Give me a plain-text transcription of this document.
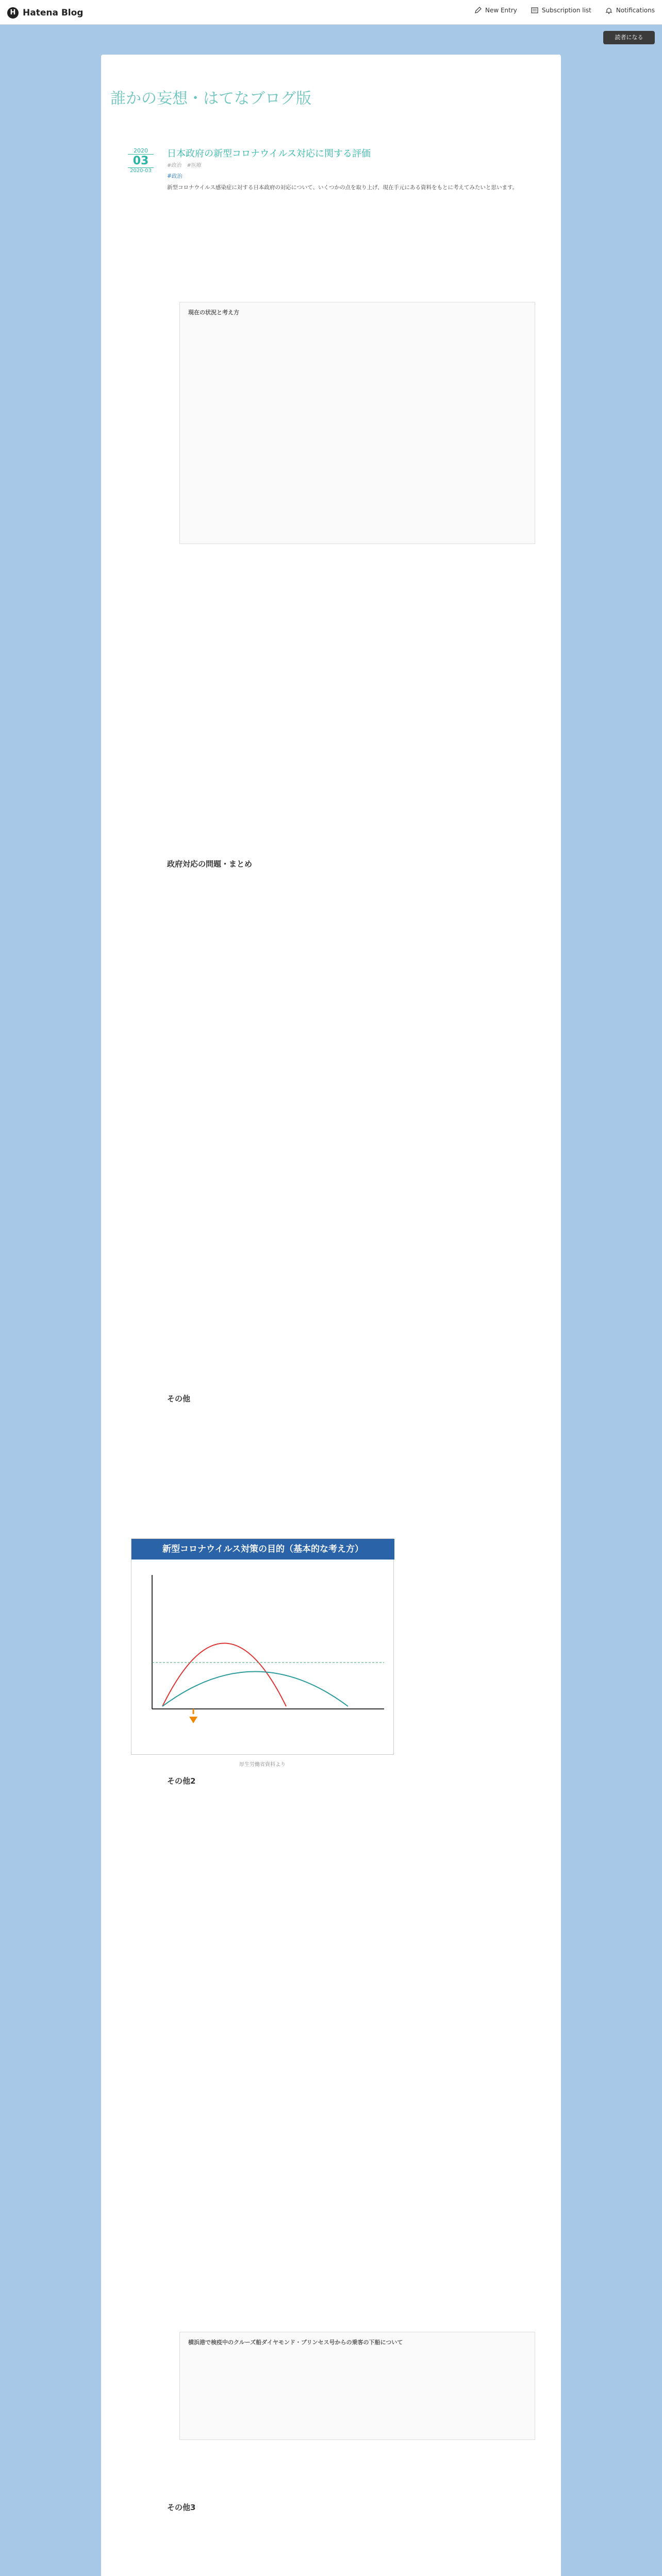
H Hatena Blog	New Entry	Subscription list	Notifications
読者になる
誰かの妄想・はてなブログ版
2020
03
2020-03
日本政府の新型コロナウイルス対応に関する評価
#政治　#医療
#政治
新型コロナウイルス感染症に対する日本政府の対応について、いくつかの点を取り上げ、現在手元にある資料をもとに考えてみたいと思います。
現在の状況と考え方
政府対応の問題・まとめ
その他
新型コロナウイルス対策の目的（基本的な考え方）
厚生労働省資料より
その他2
横浜港で検疫中のクルーズ船ダイヤモンド・プリンセス号からの乗客の下船について
その他3
